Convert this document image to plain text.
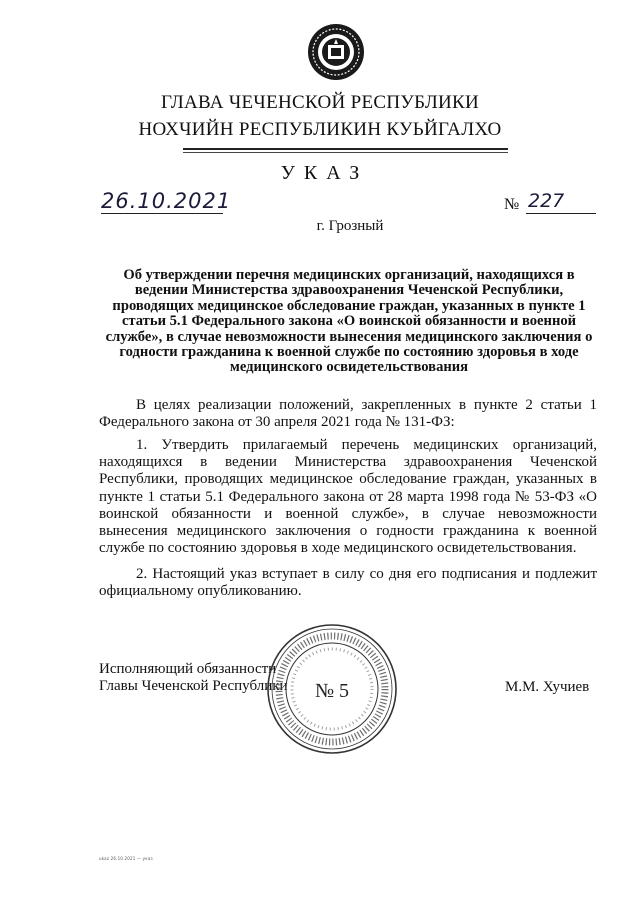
ГЛАВА ЧЕЧЕНСКОЙ РЕСПУБЛИКИ
НОХЧИЙН РЕСПУБЛИКИН КУЬЙГАЛХО
УКАЗ
26.10.2021	№ 227
г. Грозный
Об утверждении перечня медицинских организаций, находящихся в ведении Министерства здравоохранения Чеченской Республики, проводящих медицинское обследование граждан, указанных в пункте 1 статьи 5.1 Федерального закона «О воинской обязанности и военной службе», в случае невозможности вынесения медицинского заключения о годности гражданина к военной службе по состоянию здоровья в ходе медицинского освидетельствования
В целях реализации положений, закрепленных в пункте 2 статьи 1 Федерального закона от 30 апреля 2021 года № 131-ФЗ:
1. Утвердить прилагаемый перечень медицинских организаций, находящихся в ведении Министерства здравоохранения Чеченской Республики, проводящих медицинское обследование граждан, указанных в пункте 1 статьи 5.1 Федерального закона от 28 марта 1998 года № 53-ФЗ «О воинской обязанности и военной службе», в случае невозможности вынесения медицинского заключения о годности гражданина к военной службе по состоянию здоровья в ходе медицинского освидетельствования.
2. Настоящий указ вступает в силу со дня его подписания и подлежит официальному опубликованию.
Исполняющий обязанности
Главы Чеченской Республики	М.М. Хучиев
№ 5
ukaz 26.10.2021 — указ
